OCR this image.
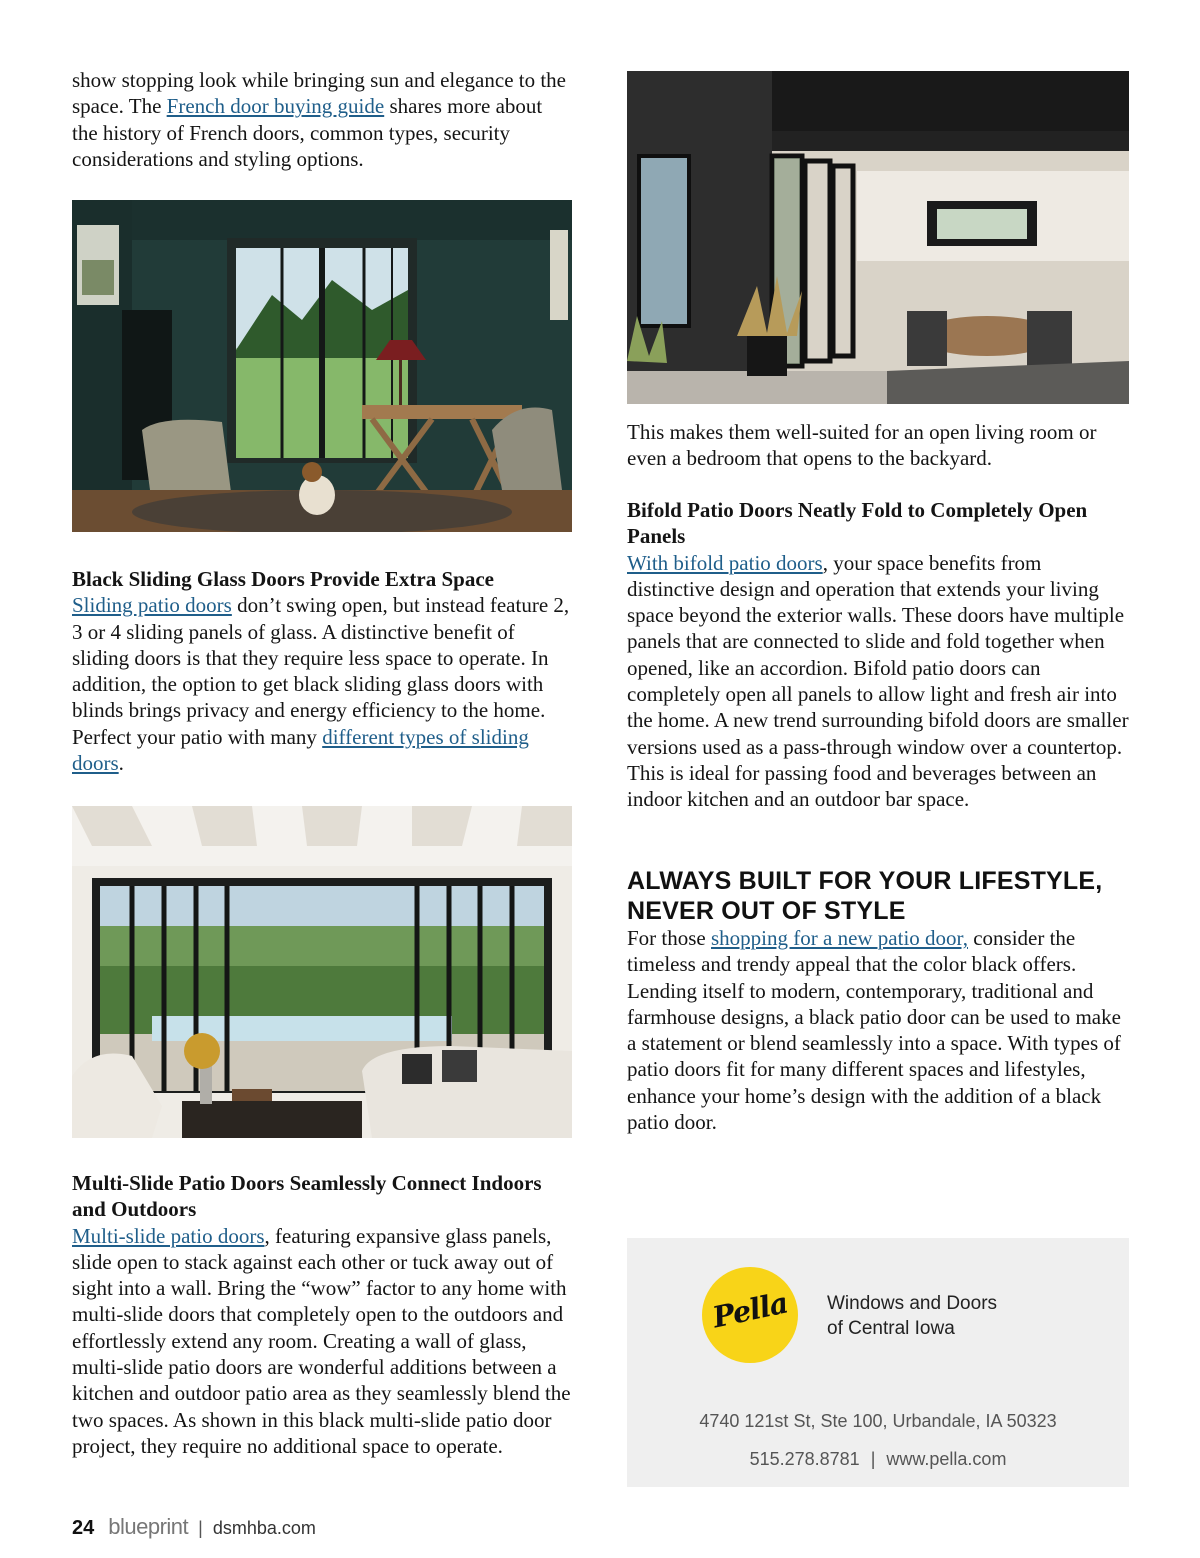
show stopping look while bringing sun and elegance to the space. The French door buying guide shares more about the history of French doors, common types, security considerations and styling options.

Black Sliding Glass Doors Provide Extra Space
Sliding patio doors don’t swing open, but instead feature 2, 3 or 4 sliding panels of glass. A distinctive benefit of sliding doors is that they require less space to operate. In addition, the option to get black sliding glass doors with blinds brings privacy and energy efficiency to the home. Perfect your patio with many different types of sliding doors.

Multi-Slide Patio Doors Seamlessly Connect Indoors and Outdoors
Multi-slide patio doors, featuring expansive glass panels, slide open to stack against each other or tuck away out of sight into a wall. Bring the “wow” factor to any home with multi-slide doors that completely open to the outdoors and effortlessly extend any room. Creating a wall of glass, multi-slide patio doors are wonderful additions between a kitchen and outdoor patio area as they seamlessly blend the two spaces. As shown in this black multi-slide patio door project, they require no additional space to operate.

This makes them well-suited for an open living room or even a bedroom that opens to the backyard.

Bifold Patio Doors Neatly Fold to Completely Open Panels
With bifold patio doors, your space benefits from distinctive design and operation that extends your living space beyond the exterior walls. These doors have multiple panels that are connected to slide and fold together when opened, like an accordion. Bifold patio doors can completely open all panels to allow light and fresh air into the home. A new trend surrounding bifold doors are smaller versions used as a pass-through window over a countertop. This is ideal for passing food and beverages between an indoor kitchen and an outdoor bar space.

ALWAYS BUILT FOR YOUR LIFESTYLE, NEVER OUT OF STYLE

For those shopping for a new patio door, consider the timeless and trendy appeal that the color black offers. Lending itself to modern, contemporary, traditional and farmhouse designs, a black patio door can be used to make a statement or blend seamlessly into a space. With types of patio doors fit for many different spaces and lifestyles, enhance your home’s design with the addition of a black patio door.

Pella	Windows and Doors
of Central Iowa
4740 121st St, Ste 100, Urbandale, IA 50323
515.278.8781 | www.pella.com
24 blueprint | dsmhba.com
